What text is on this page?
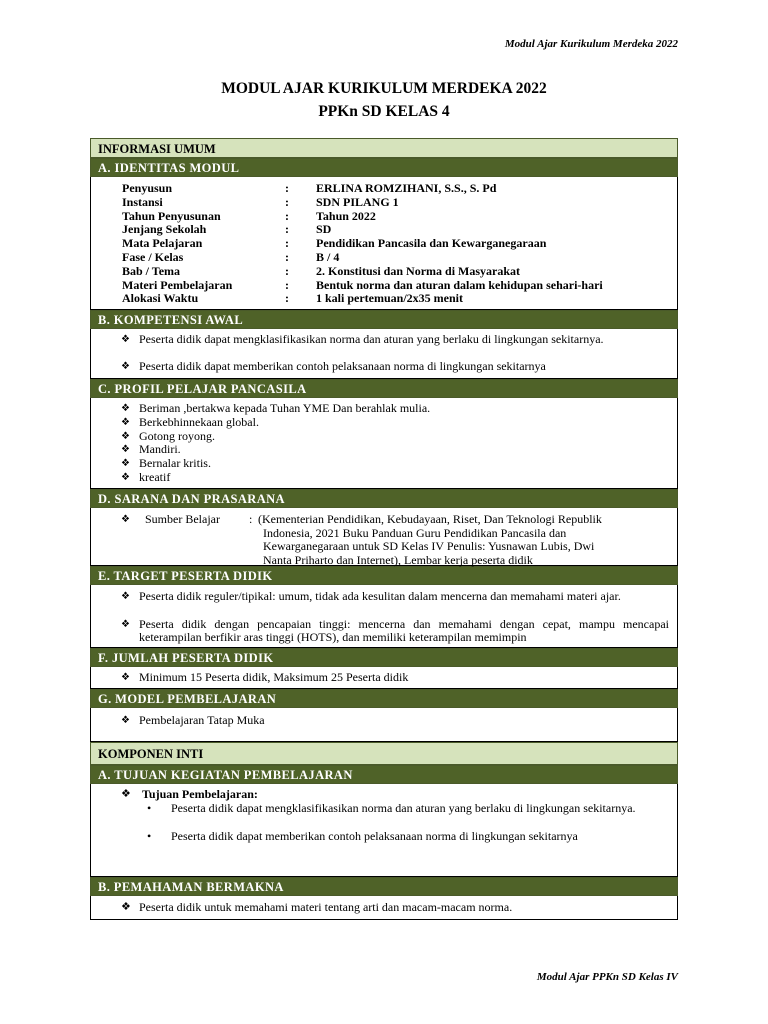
Modul Ajar Kurikulum Merdeka 2022
MODUL AJAR KURIKULUM MERDEKA 2022
PPKn SD KELAS 4
INFORMASI UMUM
A. IDENTITAS MODUL
Penyusun	: ERLINA ROMZIHANI, S.S., S. Pd
Instansi	: SDN PILANG 1
Tahun Penyusunan	: Tahun 2022
Jenjang Sekolah	: SD
Mata Pelajaran	: Pendidikan Pancasila dan Kewarganegaraan
Fase / Kelas	: B / 4
Bab / Tema	: 2. Konstitusi dan Norma di Masyarakat
Materi Pembelajaran	: Bentuk norma dan aturan dalam kehidupan sehari-hari
Alokasi Waktu	: 1 kali pertemuan/2x35 menit
B. KOMPETENSI AWAL
❖ Peserta didik dapat mengklasifikasikan norma dan aturan yang berlaku di lingkungan sekitarnya.
❖ Peserta didik dapat memberikan contoh pelaksanaan norma di lingkungan sekitarnya
C. PROFIL PELAJAR PANCASILA
❖ Beriman ,bertakwa kepada Tuhan YME Dan berahlak mulia.
❖ Berkebhinnekaan global.
❖ Gotong royong.
❖ Mandiri.
❖ Bernalar kritis.
❖ kreatif
D. SARANA DAN PRASARANA
❖ Sumber Belajar : (Kementerian Pendidikan, Kebudayaan, Riset, Dan Teknologi Republik
Indonesia, 2021 Buku Panduan Guru Pendidikan Pancasila dan
Kewarganegaraan untuk SD Kelas IV Penulis: Yusnawan Lubis, Dwi
Nanta Priharto dan Internet), Lembar kerja peserta didik
E. TARGET PESERTA DIDIK
❖ Peserta didik reguler/tipikal: umum, tidak ada kesulitan dalam mencerna dan memahami materi ajar.
❖ Peserta didik dengan pencapaian tinggi: mencerna dan memahami dengan cepat, mampu mencapai keterampilan berfikir aras tinggi (HOTS), dan memiliki keterampilan memimpin
F. JUMLAH PESERTA DIDIK
❖ Minimum 15 Peserta didik, Maksimum 25 Peserta didik
G. MODEL PEMBELAJARAN
❖ Pembelajaran Tatap Muka
KOMPONEN INTI
A. TUJUAN KEGIATAN PEMBELAJARAN
❖ Tujuan Pembelajaran:
• Peserta didik dapat mengklasifikasikan norma dan aturan yang berlaku di lingkungan sekitarnya.
• Peserta didik dapat memberikan contoh pelaksanaan norma di lingkungan sekitarnya
B. PEMAHAMAN BERMAKNA
❖ Peserta didik untuk memahami materi tentang arti dan macam-macam norma.
Modul Ajar PPKn SD Kelas IV
